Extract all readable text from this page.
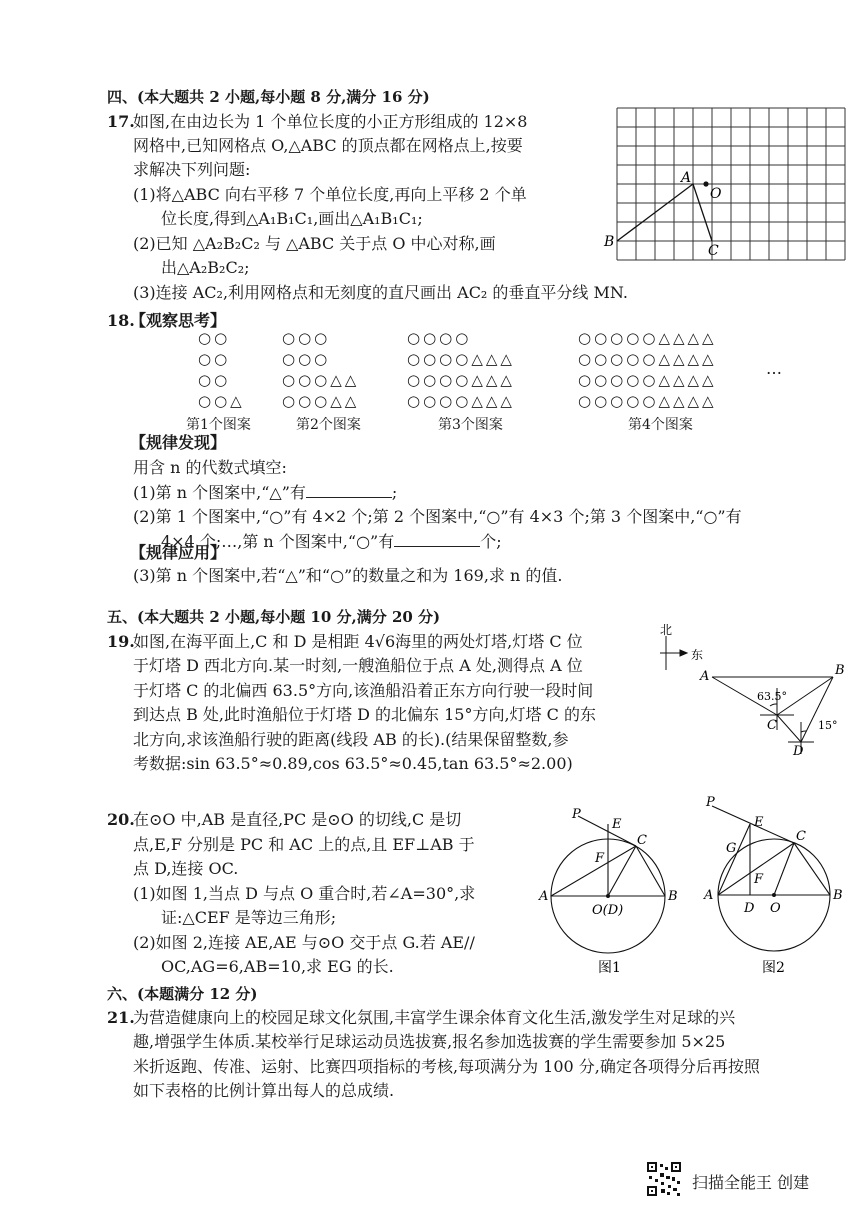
四、(本大题共 2 小题,每小题 8 分,满分 16 分)
17.
如图,在由边长为 1 个单位长度的小正方形组成的 12×8
网格中,已知网格点 O,△ABC 的顶点都在网格点上,按要
求解决下列问题:
(1)将△ABC 向右平移 7 个单位长度,再向上平移 2 个单
位长度,得到△A₁B₁C₁,画出△A₁B₁C₁;
(2)已知 △A₂B₂C₂ 与 △ABC 关于点 O 中心对称,画
出△A₂B₂C₂;
(3)连接 AC₂,利用网格点和无刻度的直尺画出 AC₂ 的垂直平分线 MN.
A
O
B
C
18.
【观察思考】
○○
○○
○○
○○△
○○○
○○○
○○○△△
○○○△△
○○○○
○○○○△△△
○○○○△△△
○○○○△△△
○○○○○△△△△
○○○○○△△△△
○○○○○△△△△
○○○○○△△△△
…
第1个图案	第2个图案	第3个图案	第4个图案
【规律发现】
用含 n 的代数式填空:
(1)第 n 个图案中,“△”有	;
(2)第 1 个图案中,“○”有 4×2 个;第 2 个图案中,“○”有 4×3 个;第 3 个图案中,“○”有
4×4 个;…,第 n 个图案中,“○”有	个;
【规律应用】
(3)第 n 个图案中,若“△”和“○”的数量之和为 169,求 n 的值.
五、(本大题共 2 小题,每小题 10 分,满分 20 分)
19.
如图,在海平面上,C 和 D 是相距 4√6海里的两处灯塔,灯塔 C 位
于灯塔 D 西北方向.某一时刻,一艘渔船位于点 A 处,测得点 A 位
于灯塔 C 的北偏西 63.5°方向,该渔船沿着正东方向行驶一段时间
到达点 B 处,此时渔船位于灯塔 D 的北偏东 15°方向,灯塔 C 的东
北方向,求该渔船行驶的距离(线段 AB 的长).(结果保留整数,参
考数据:sin 63.5°≈0.89,cos 63.5°≈0.45,tan 63.5°≈2.00)
北
东
A	B
C
D
63.5°
15°
20.
在⊙O 中,AB 是直径,PC 是⊙O 的切线,C 是切
点,E,F 分别是 PC 和 AC 上的点,且 EF⊥AB 于
点 D,连接 OC.
(1)如图 1,当点 D 与点 O 重合时,若∠A=30°,求
证:△CEF 是等边三角形;
(2)如图 2,连接 AE,AE 与⊙O 交于点 G.若 AE//
OC,AG=6,AB=10,求 EG 的长.
P
E
C
F
A	B
O(D)
图1
P
E
G
C
F
A
D O
B
图2
六、(本题满分 12 分)
21.
为营造健康向上的校园足球文化氛围,丰富学生课余体育文化生活,激发学生对足球的兴
趣,增强学生体质.某校举行足球运动员选拔赛,报名参加选拔赛的学生需要参加 5×25
米折返跑、传准、运射、比赛四项指标的考核,每项满分为 100 分,确定各项得分后再按照
如下表格的比例计算出每人的总成绩.
扫描全能王 创建
